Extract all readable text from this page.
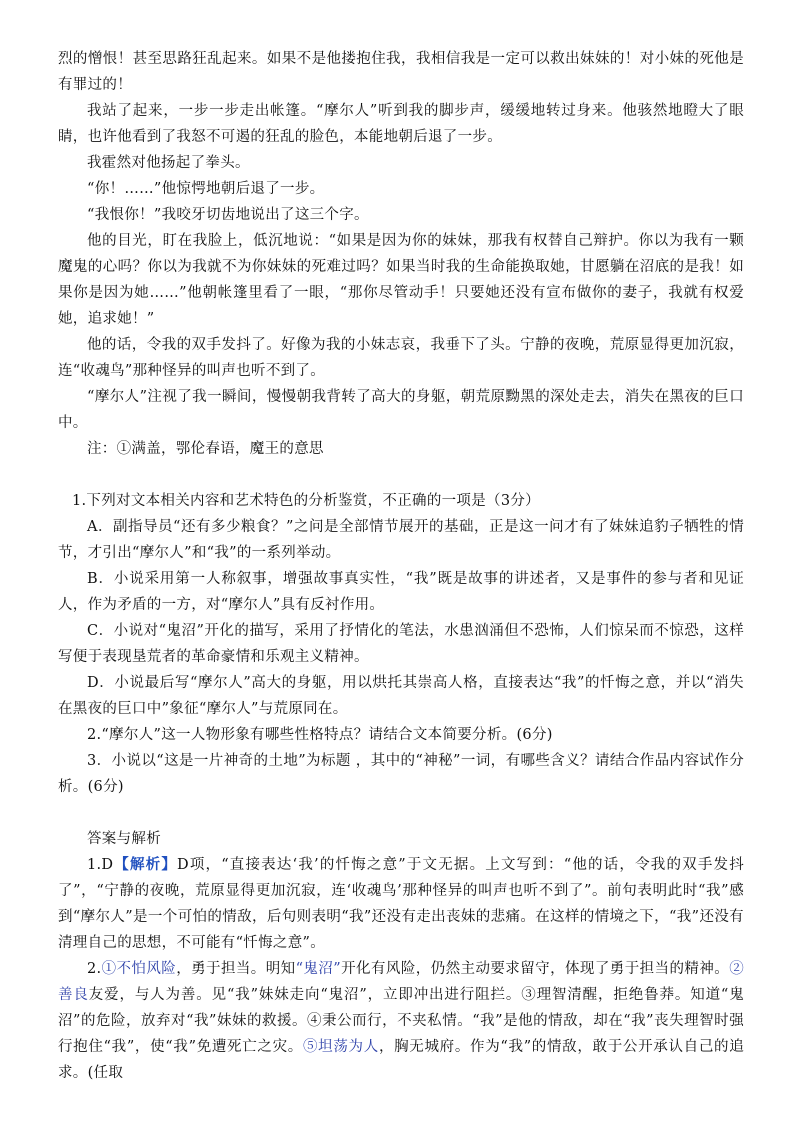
烈的憎恨！甚至思路狂乱起来。如果不是他搂抱住我，我相信我是一定可以救出妹妹的！对小妹的死他是有罪过的！

我站了起来，一步一步走出帐篷。“摩尔人”听到我的脚步声，缓缓地转过身来。他骇然地瞪大了眼睛，也许他看到了我怒不可遏的狂乱的脸色，本能地朝后退了一步。

我霍然对他扬起了拳头。

“你！……”他惊愕地朝后退了一步。

“我恨你！”我咬牙切齿地说出了这三个字。

他的目光，盯在我脸上，低沉地说：“如果是因为你的妹妹，那我有权替自己辩护。你以为我有一颗魔鬼的心吗？你以为我就不为你妹妹的死难过吗？如果当时我的生命能换取她，甘愿躺在沼底的是我！如果你是因为她……”他朝帐篷里看了一眼，“那你尽管动手！只要她还没有宣布做你的妻子，我就有权爱她，追求她！”

他的话，令我的双手发抖了。好像为我的小妹志哀，我垂下了头。宁静的夜晚，荒原显得更加沉寂，连“收魂鸟”那种怪异的叫声也听不到了。

“摩尔人”注视了我一瞬间，慢慢朝我背转了高大的身躯，朝荒原黝黑的深处走去，消失在黑夜的巨口中。

注：①满盖，鄂伦春语，魔王的意思

1.下列对文本相关内容和艺术特色的分析鉴赏，不正确的一项是（3分）

A．副指导员“还有多少粮食？”之问是全部情节展开的基础，正是这一问才有了妹妹追豹子牺牲的情节，才引出“摩尔人”和“我”的一系列举动。

B．小说采用第一人称叙事，增强故事真实性，“我”既是故事的讲述者，又是事件的参与者和见证人，作为矛盾的一方，对“摩尔人”具有反衬作用。

C．小说对“鬼沼”开化的描写，采用了抒情化的笔法，水患汹涌但不恐怖，人们惊呆而不惊恐，这样写便于表现垦荒者的革命豪情和乐观主义精神。

D．小说最后写“摩尔人”高大的身躯，用以烘托其崇高人格，直接表达“我”的忏悔之意，并以“消失在黑夜的巨口中”象征“摩尔人”与荒原同在。

2.“摩尔人”这一人物形象有哪些性格特点？请结合文本简要分析。(6分)

3．小说以“这是一片神奇的土地”为标题 ，其中的“神秘”一词，有哪些含义？请结合作品内容试作分析。(6分)

答案与解析

1.D【解析】D项，“直接表达‘我’的忏悔之意”于文无据。上文写到：“他的话，令我的双手发抖了”，“宁静的夜晚，荒原显得更加沉寂，连‘收魂鸟’那种怪异的叫声也听不到了”。前句表明此时“我”感到“摩尔人”是一个可怕的情敌，后句则表明“我”还没有走出丧妹的悲痛。在这样的情境之下，“我”还没有清理自己的思想，不可能有“忏悔之意”。

2.①不怕风险，勇于担当。明知“鬼沼”开化有风险，仍然主动要求留守，体现了勇于担当的精神。②善良友爱，与人为善。见“我”妹妹走向“鬼沼”，立即冲出进行阻拦。③理智清醒，拒绝鲁莽。知道“鬼沼”的危险，放弃对“我”妹妹的救援。④秉公而行，不夹私情。“我”是他的情敌，却在“我”丧失理智时强行抱住“我”，使“我”免遭死亡之灾。⑤坦荡为人，胸无城府。作为“我”的情敌，敢于公开承认自己的追求。(任取
